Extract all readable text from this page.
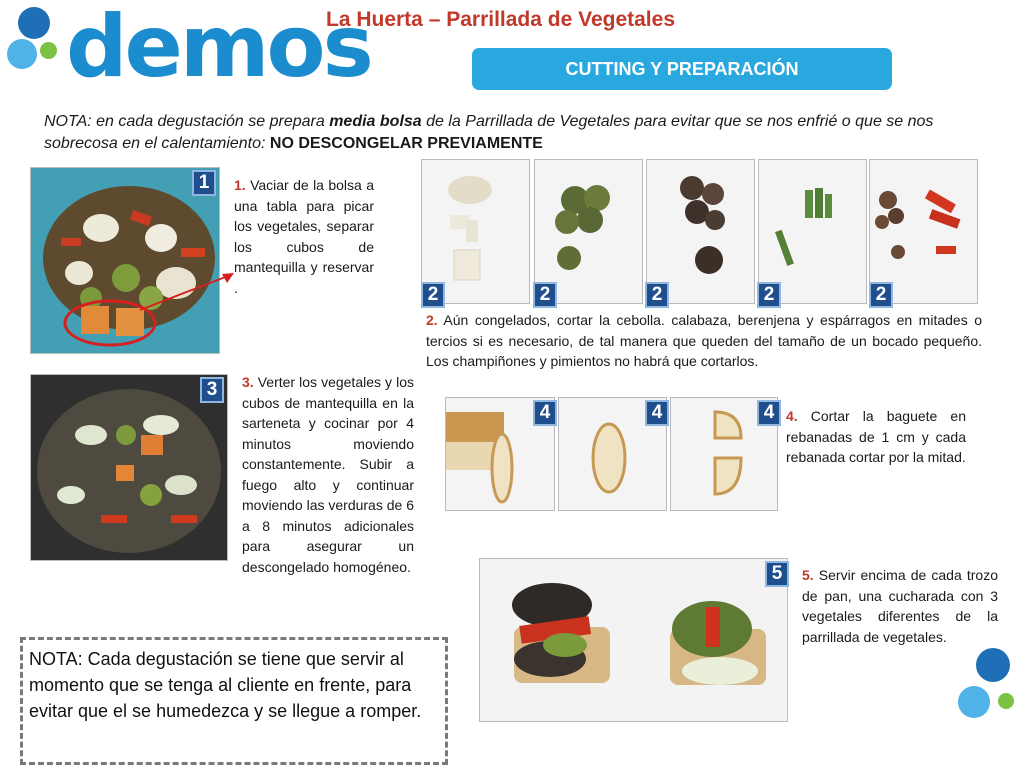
demos
La Huerta – Parrillada de Vegetales
CUTTING Y PREPARACIÓN
NOTA: en cada degustación se prepara media bolsa de la Parrillada de Vegetales para evitar que se nos enfrié o que se nos sobrecosa en el calentamiento: NO DESCONGELAR PREVIAMENTE
1	1. Vaciar de la bolsa a una tabla para picar los vegetales, separar los cubos de mantequilla y reservar .	2	2	2	2	2
2. Aún congelados, cortar la cebolla. calabaza, berenjena y espárragos en mitades o tercios si es necesario, de tal manera que queden del tamaño de un bocado pequeño. Los champiñones y pimientos no habrá que cortarlos.
3	3. Verter los vegetales y los cubos de mantequilla en la sarteneta y cocinar por 4 minutos moviendo constantemente. Subir a fuego alto y continuar moviendo las verduras de 6 a 8 minutos adicionales para asegurar un descongelado homogéneo.
4	4	4 4. Cortar la baguete en rebanadas de 1 cm y cada rebanada cortar por la mitad.
5	5. Servir encima de cada trozo de pan, una cucharada con 3 vegetales diferentes de la parrillada de vegetales.
NOTA: Cada degustación se tiene que servir al momento que se tenga al cliente en frente, para evitar que el se humedezca y se llegue a romper.
